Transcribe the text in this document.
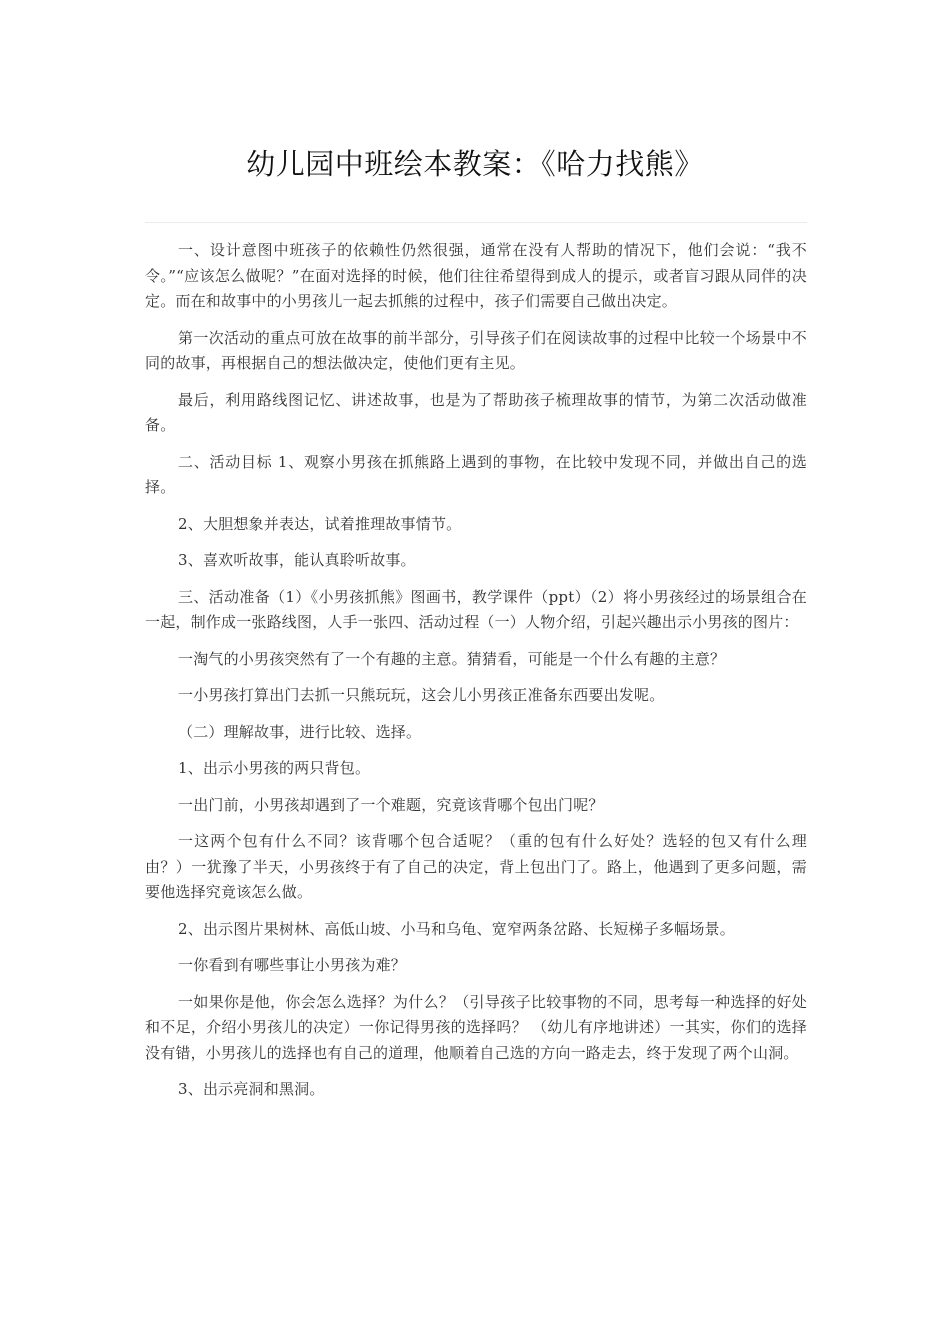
幼儿园中班绘本教案：《哈力找熊》

一、设计意图中班孩子的依赖性仍然很强，通常在没有人帮助的情况下，他们会说：“我不令。”“应该怎么做呢？”在面对选择的时候，他们往往希望得到成人的提示，或者盲习跟从同伴的决定。而在和故事中的小男孩儿一起去抓熊的过程中，孩子们需要自己做出决定。

第一次活动的重点可放在故事的前半部分，引导孩子们在阅读故事的过程中比较一个场景中不同的故事，再根据自己的想法做决定，使他们更有主见。

最后，利用路线图记忆、讲述故事，也是为了帮助孩子梳理故事的情节，为第二次活动做准备。

二、活动目标 1、观察小男孩在抓熊路上遇到的事物，在比较中发现不同，并做出自己的选择。

2、大胆想象并表达，试着推理故事情节。

3、喜欢听故事，能认真聆听故事。

三、活动准备（1）《小男孩抓熊》图画书，教学课件（ppt）（2）将小男孩经过的场景组合在一起，制作成一张路线图，人手一张四、活动过程（一）人物介绍，引起兴趣出示小男孩的图片：

一淘气的小男孩突然有了一个有趣的主意。猜猜看，可能是一个什么有趣的主意？

一小男孩打算出门去抓一只熊玩玩，这会儿小男孩正准备东西要出发呢。

（二）理解故事，进行比较、选择。

1、出示小男孩的两只背包。

一出门前，小男孩却遇到了一个难题，究竟该背哪个包出门呢？

一这两个包有什么不同？该背哪个包合适呢？（重的包有什么好处？选轻的包又有什么理由？）一犹豫了半天，小男孩终于有了自己的决定，背上包出门了。路上，他遇到了更多问题，需要他选择究竟该怎么做。

2、出示图片果树林、高低山坡、小马和乌龟、宽窄两条岔路、长短梯子多幅场景。

一你看到有哪些事让小男孩为难？

一如果你是他，你会怎么选择？为什么？（引导孩子比较事物的不同，思考每一种选择的好处和不足，介绍小男孩儿的决定）一你记得男孩的选择吗？ （幼儿有序地讲述）一其实，你们的选择没有错，小男孩儿的选择也有自己的道理，他顺着自己选的方向一路走去，终于发现了两个山洞。

3、出示亮洞和黑洞。
